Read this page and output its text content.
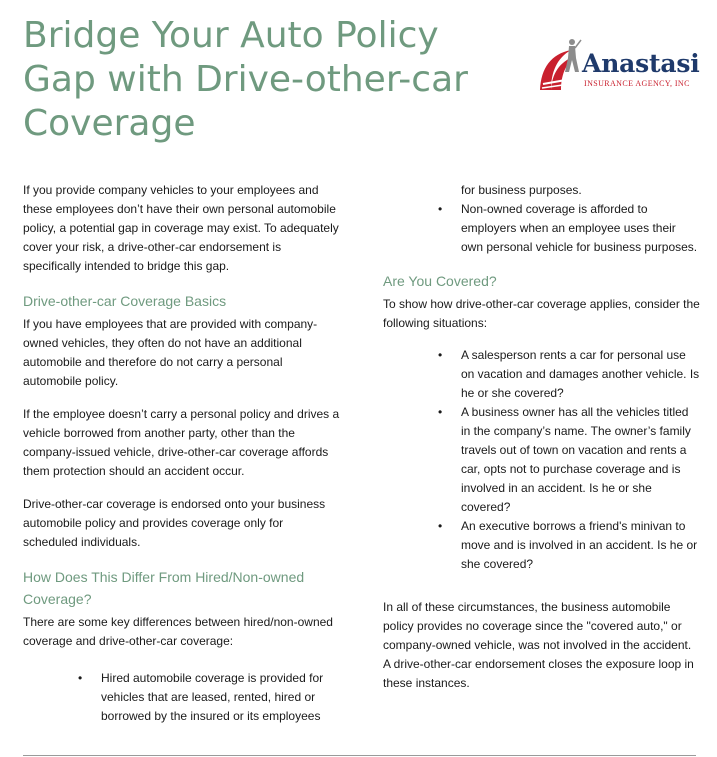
Bridge Your Auto Policy Gap with Drive-other-car Coverage

Anastasi

INSURANCE AGENCY, INC

If you provide company vehicles to your employees and these employees don’t have their own personal automobile policy, a potential gap in coverage may exist. To adequately cover your risk, a drive-other-car endorsement is specifically intended to bridge this gap.

Drive-other-car Coverage Basics

If you have employees that are provided with company-owned vehicles, they often do not have an additional automobile and therefore do not carry a personal automobile policy.

If the employee doesn’t carry a personal policy and drives a vehicle borrowed from another party, other than the company-issued vehicle, drive-other-car coverage affords them protection should an accident occur.

Drive-other-car coverage is endorsed onto your business automobile policy and provides coverage only for scheduled individuals.

How Does This Differ From Hired/Non-owned Coverage?

There are some key differences between hired/non-owned coverage and drive-other-car coverage:

• Hired automobile coverage is provided for vehicles that are leased, rented, hired or borrowed by the insured or its employees

for business purposes.

• Non-owned coverage is afforded to employers when an employee uses their own personal vehicle for business purposes.
Are You Covered?

To show how drive-other-car coverage applies, consider the following situations:

• A salesperson rents a car for personal use on vacation and damages another vehicle. Is he or she covered?
• A business owner has all the vehicles titled in the company’s name. The owner’s family travels out of town on vacation and rents a car, opts not to purchase coverage and is involved in an accident. Is he or she covered?
• An executive borrows a friend's minivan to move and is involved in an accident. Is he or she covered?

In all of these circumstances, the business automobile policy provides no coverage since the "covered auto," or company-owned vehicle, was not involved in the accident. A drive-other-car endorsement closes the exposure loop in these instances.
